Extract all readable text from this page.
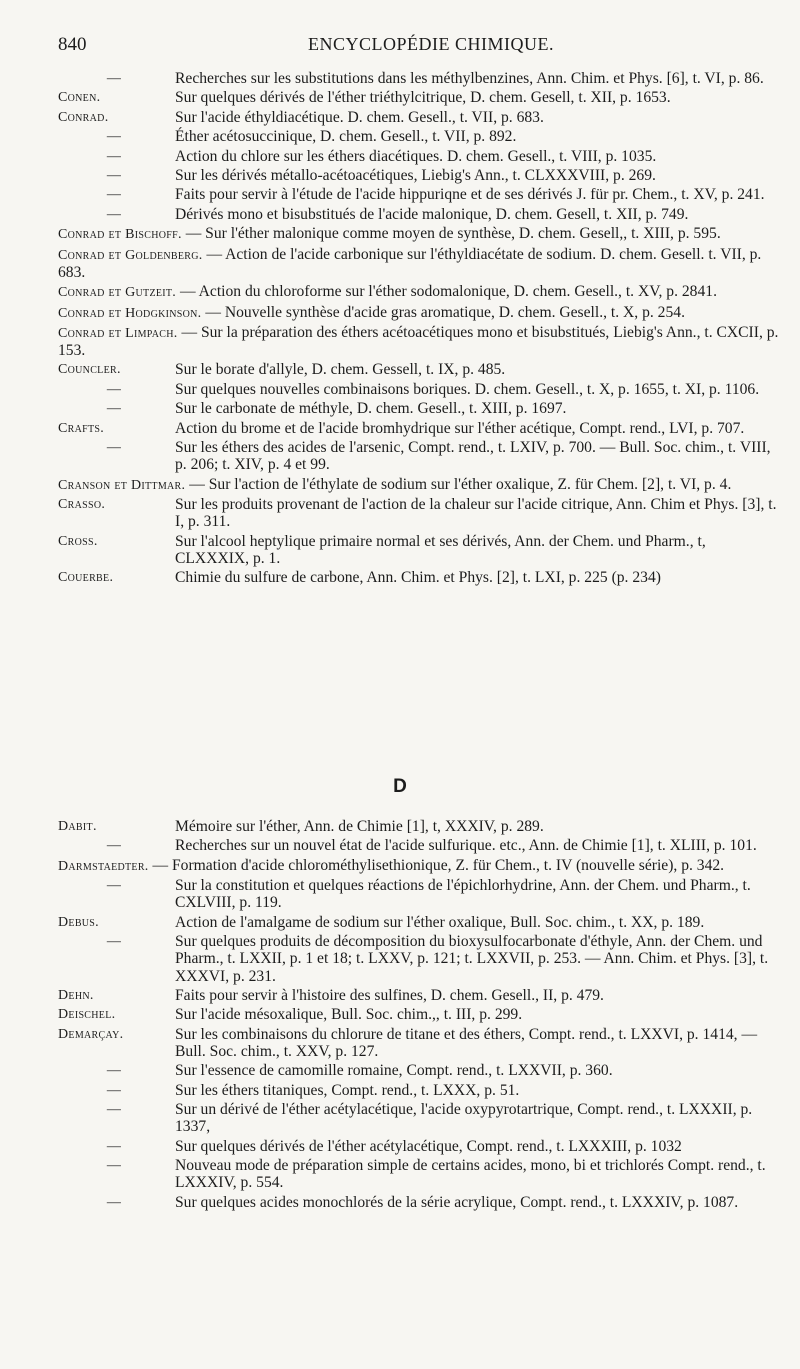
840	ENCYCLOPÉDIE CHIMIQUE.
—	Recherches sur les substitutions dans les méthylbenzines, Ann. Chim. et Phys. [6], t. VI, p. 86.
Conen.	Sur quelques dérivés de l'éther triéthylcitrique, D. chem. Gesell, t. XII, p. 1653.
Conrad.	Sur l'acide éthyldiacétique. D. chem. Gesell., t. VII, p. 683.
—	Éther acétosuccinique, D. chem. Gesell., t. VII, p. 892.
—	Action du chlore sur les éthers diacétiques. D. chem. Gesell., t. VIII, p. 1035.
—	Sur les dérivés métallo-acétoacétiques, Liebig's Ann., t. CLXXXVIII, p. 269.
—	Faits pour servir à l'étude de l'acide hippuriqne et de ses dérivés J. für pr. Chem., t. XV, p. 241.
—	Dérivés mono et bisubstitués de l'acide malonique, D. chem. Gesell, t. XII, p. 749.
Conrad et Bischoff. — Sur l'éther malonique comme moyen de synthèse, D. chem. Gesell,, t. XIII, p. 595.
Conrad et Goldenberg. — Action de l'acide carbonique sur l'éthyldiacétate de sodium. D. chem. Gesell. t. VII, p. 683.
Conrad et Gutzeit. — Action du chloroforme sur l'éther sodomalonique, D. chem. Gesell., t. XV, p. 2841.
Conrad et Hodgkinson. — Nouvelle synthèse d'acide gras aromatique, D. chem. Gesell., t. X, p. 254.
Conrad et Limpach. — Sur la préparation des éthers acétoacétiques mono et bisubstitués, Liebig's Ann., t. CXCII, p. 153.
Councler.	Sur le borate d'allyle, D. chem. Gessell, t. IX, p. 485.
—	Sur quelques nouvelles combinaisons boriques. D. chem. Gesell., t. X, p. 1655, t. XI, p. 1106.
—	Sur le carbonate de méthyle, D. chem. Gesell., t. XIII, p. 1697.
Crafts.	Action du brome et de l'acide bromhydrique sur l'éther acétique, Compt. rend., LVI, p. 707.
—	Sur les éthers des acides de l'arsenic, Compt. rend., t. LXIV, p. 700. — Bull. Soc. chim., t. VIII, p. 206; t. XIV, p. 4 et 99.
Cranson et Dittmar. — Sur l'action de l'éthylate de sodium sur l'éther oxalique, Z. für Chem. [2], t. VI, p. 4.
Crasso.	Sur les produits provenant de l'action de la chaleur sur l'acide citrique, Ann. Chim et Phys. [3], t. I, p. 311.
Cross.	Sur l'alcool heptylique primaire normal et ses dérivés, Ann. der Chem. und Pharm., t, CLXXXIX, p. 1.
Couerbe.	Chimie du sulfure de carbone, Ann. Chim. et Phys. [2], t. LXI, p. 225 (p. 234)
D
Dabit.	Mémoire sur l'éther, Ann. de Chimie [1], t, XXXIV, p. 289.
—	Recherches sur un nouvel état de l'acide sulfurique. etc., Ann. de Chimie [1], t. XLIII, p. 101.
Darmstaedter. — Formation d'acide chlorométhylisethionique, Z. für Chem., t. IV (nouvelle série), p. 342.
—	Sur la constitution et quelques réactions de l'épichlorhydrine, Ann. der Chem. und Pharm., t. CXLVIII, p. 119.
Debus.	Action de l'amalgame de sodium sur l'éther oxalique, Bull. Soc. chim., t. XX, p. 189.
—	Sur quelques produits de décomposition du bioxysulfocarbonate d'éthyle, Ann. der Chem. und Pharm., t. LXXII, p. 1 et 18; t. LXXV, p. 121; t. LXXVII, p. 253. — Ann. Chim. et Phys. [3], t. XXXVI, p. 231.
Dehn.	Faits pour servir à l'histoire des sulfines, D. chem. Gesell., II, p. 479.
Deischel.	Sur l'acide mésoxalique, Bull. Soc. chim.,, t. III, p. 299.
Demarçay.	Sur les combinaisons du chlorure de titane et des éthers, Compt. rend., t. LXXVI, p. 1414, — Bull. Soc. chim., t. XXV, p. 127.
—	Sur l'essence de camomille romaine, Compt. rend., t. LXXVII, p. 360.
—	Sur les éthers titaniques, Compt. rend., t. LXXX, p. 51.
—	Sur un dérivé de l'éther acétylacétique, l'acide oxypyrotartrique, Compt. rend., t. LXXXII, p. 1337,
—	Sur quelques dérivés de l'éther acétylacétique, Compt. rend., t. LXXXIII, p. 1032
—	Nouveau mode de préparation simple de certains acides, mono, bi et trichlorés Compt. rend., t. LXXXIV, p. 554.
—	Sur quelques acides monochlorés de la série acrylique, Compt. rend., t. LXXXIV, p. 1087.
